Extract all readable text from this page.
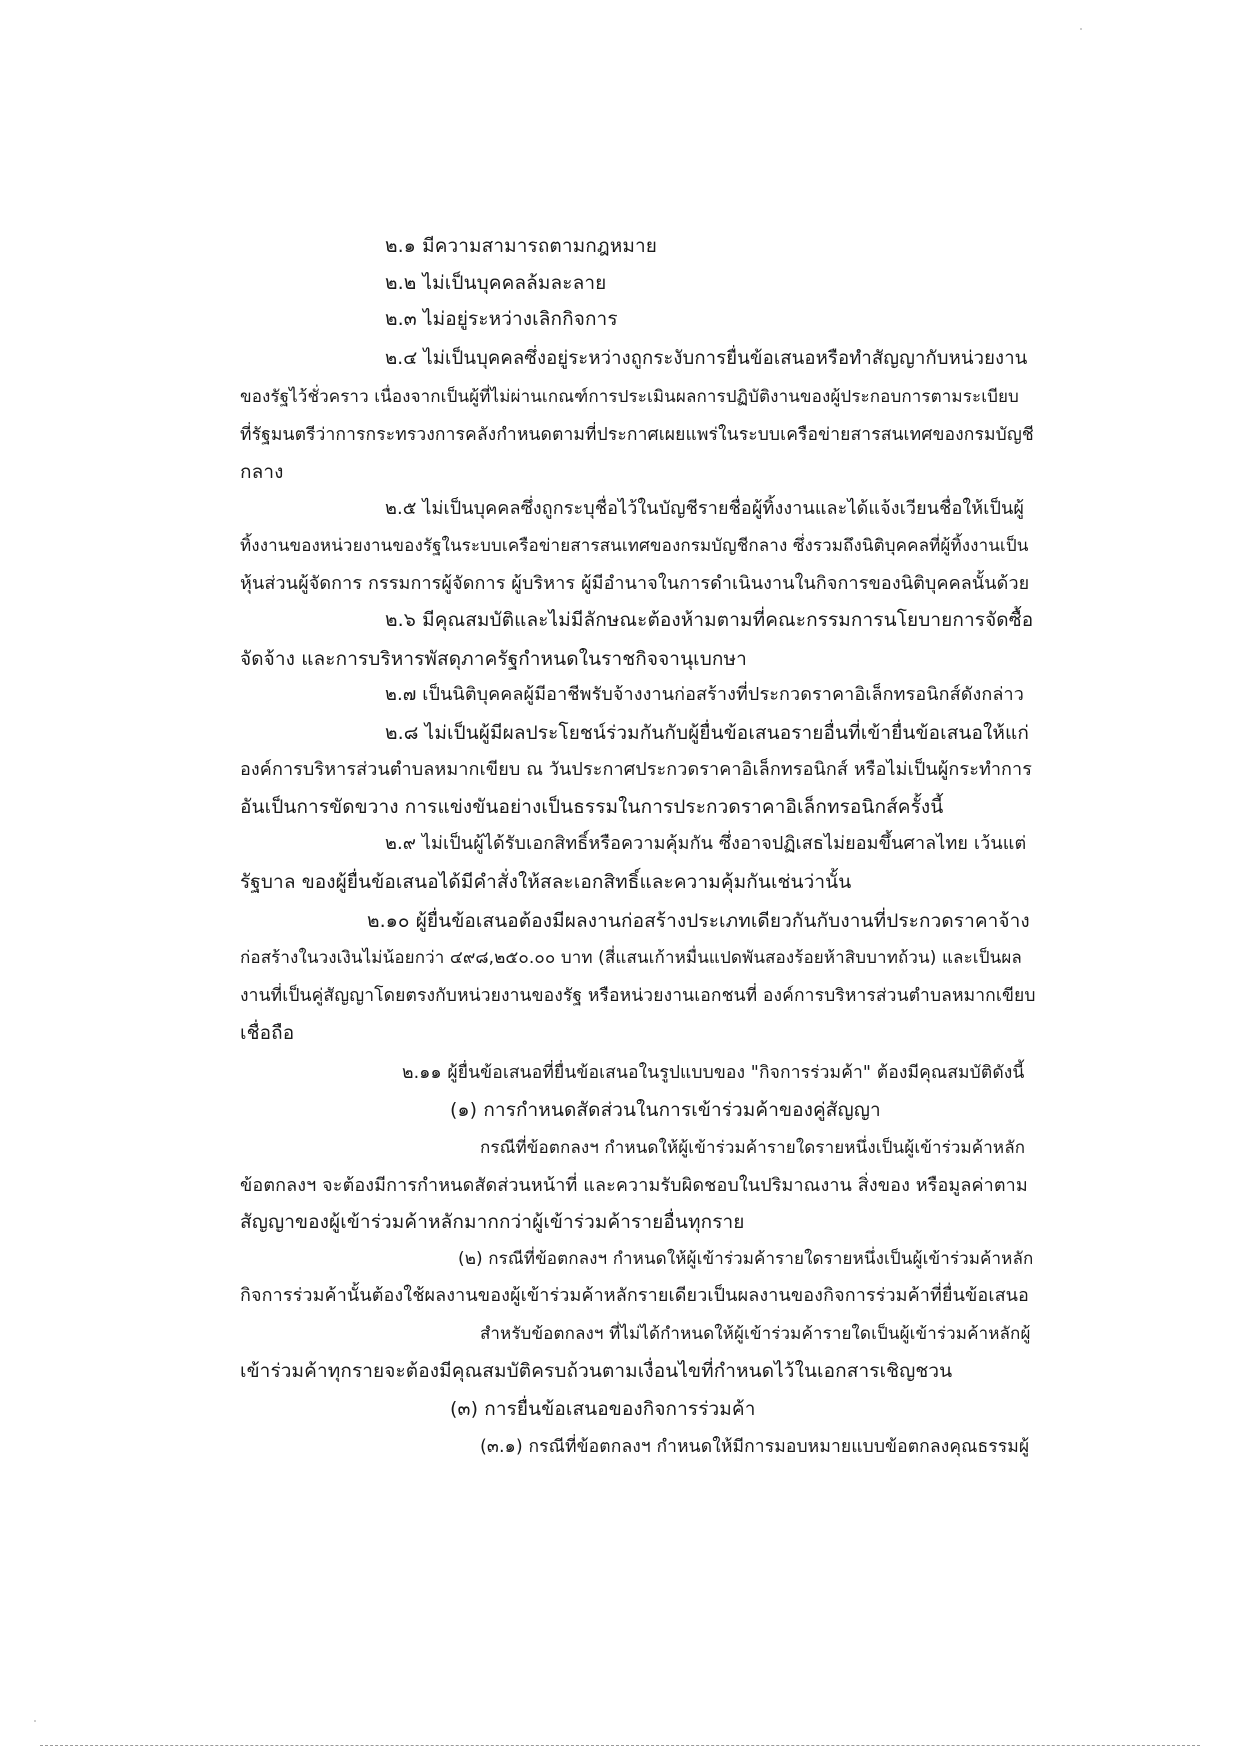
๒.๑ มีความสามารถตามกฎหมาย
๒.๒ ไม่เป็นบุคคลล้มละลาย
๒.๓ ไม่อยู่ระหว่างเลิกกิจการ
๒.๔ ไม่เป็นบุคคลซึ่งอยู่ระหว่างถูกระงับการยื่นข้อเสนอหรือทำสัญญากับหน่วยงาน
ของรัฐไว้ชั่วคราว เนื่องจากเป็นผู้ที่ไม่ผ่านเกณฑ์การประเมินผลการปฏิบัติงานของผู้ประกอบการตามระเบียบ
ที่รัฐมนตรีว่าการกระทรวงการคลังกำหนดตามที่ประกาศเผยแพร่ในระบบเครือข่ายสารสนเทศของกรมบัญชี
กลาง
๒.๕ ไม่เป็นบุคคลซึ่งถูกระบุชื่อไว้ในบัญชีรายชื่อผู้ทิ้งงานและได้แจ้งเวียนชื่อให้เป็นผู้
ทิ้งงานของหน่วยงานของรัฐในระบบเครือข่ายสารสนเทศของกรมบัญชีกลาง ซึ่งรวมถึงนิติบุคคลที่ผู้ทิ้งงานเป็น
หุ้นส่วนผู้จัดการ กรรมการผู้จัดการ ผู้บริหาร ผู้มีอำนาจในการดำเนินงานในกิจการของนิติบุคคลนั้นด้วย
๒.๖ มีคุณสมบัติและไม่มีลักษณะต้องห้ามตามที่คณะกรรมการนโยบายการจัดซื้อ
จัดจ้าง และการบริหารพัสดุภาครัฐกำหนดในราชกิจจานุเบกษา
๒.๗ เป็นนิติบุคคลผู้มีอาชีพรับจ้างงานก่อสร้างที่ประกวดราคาอิเล็กทรอนิกส์ดังกล่าว
๒.๘ ไม่เป็นผู้มีผลประโยชน์ร่วมกันกับผู้ยื่นข้อเสนอรายอื่นที่เข้ายื่นข้อเสนอให้แก่
องค์การบริหารส่วนตำบลหมากเขียบ ณ วันประกาศประกวดราคาอิเล็กทรอนิกส์ หรือไม่เป็นผู้กระทำการ
อันเป็นการขัดขวาง การแข่งขันอย่างเป็นธรรมในการประกวดราคาอิเล็กทรอนิกส์ครั้งนี้
๒.๙ ไม่เป็นผู้ได้รับเอกสิทธิ์หรือความคุ้มกัน ซึ่งอาจปฏิเสธไม่ยอมขึ้นศาลไทย เว้นแต่
รัฐบาล ของผู้ยื่นข้อเสนอได้มีคำสั่งให้สละเอกสิทธิ์และความคุ้มกันเช่นว่านั้น
๒.๑๐ ผู้ยื่นข้อเสนอต้องมีผลงานก่อสร้างประเภทเดียวกันกับงานที่ประกวดราคาจ้าง
ก่อสร้างในวงเงินไม่น้อยกว่า ๔๙๘,๒๕๐.๐๐ บาท (สี่แสนเก้าหมื่นแปดพันสองร้อยห้าสิบบาทถ้วน) และเป็นผล
งานที่เป็นคู่สัญญาโดยตรงกับหน่วยงานของรัฐ หรือหน่วยงานเอกชนที่ องค์การบริหารส่วนตำบลหมากเขียบ
เชื่อถือ
๒.๑๑ ผู้ยื่นข้อเสนอที่ยื่นข้อเสนอในรูปแบบของ "กิจการร่วมค้า" ต้องมีคุณสมบัติดังนี้
(๑) การกำหนดสัดส่วนในการเข้าร่วมค้าของคู่สัญญา
กรณีที่ข้อตกลงฯ กำหนดให้ผู้เข้าร่วมค้ารายใดรายหนึ่งเป็นผู้เข้าร่วมค้าหลัก
ข้อตกลงฯ จะต้องมีการกำหนดสัดส่วนหน้าที่ และความรับผิดชอบในปริมาณงาน สิ่งของ หรือมูลค่าตาม
สัญญาของผู้เข้าร่วมค้าหลักมากกว่าผู้เข้าร่วมค้ารายอื่นทุกราย
(๒) กรณีที่ข้อตกลงฯ กำหนดให้ผู้เข้าร่วมค้ารายใดรายหนึ่งเป็นผู้เข้าร่วมค้าหลัก
กิจการร่วมค้านั้นต้องใช้ผลงานของผู้เข้าร่วมค้าหลักรายเดียวเป็นผลงานของกิจการร่วมค้าที่ยื่นข้อเสนอ
สำหรับข้อตกลงฯ ที่ไม่ได้กำหนดให้ผู้เข้าร่วมค้ารายใดเป็นผู้เข้าร่วมค้าหลักผู้
เข้าร่วมค้าทุกรายจะต้องมีคุณสมบัติครบถ้วนตามเงื่อนไขที่กำหนดไว้ในเอกสารเชิญชวน
(๓) การยื่นข้อเสนอของกิจการร่วมค้า
(๓.๑) กรณีที่ข้อตกลงฯ กำหนดให้มีการมอบหมายแบบข้อตกลงคุณธรรมผู้
